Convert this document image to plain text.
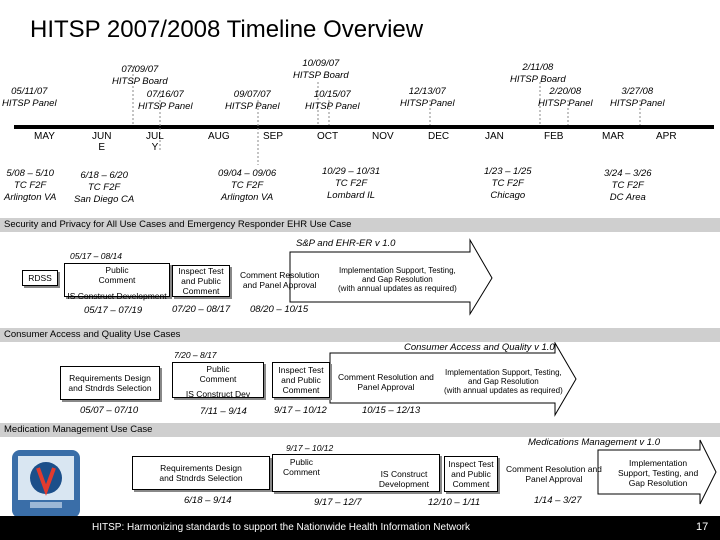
HITSP 2007/2008 Timeline Overview
05/11/07
HITSP Panel
07/09/07
HITSP Board
07/16/07
HITSP Panel
09/07/07
HITSP Panel
10/09/07
HITSP Board
10/15/07
HITSP Panel
12/13/07
HITSP Panel
2/11/08
HITSP Board
2/20/08
HITSP Panel
3/27/08
HITSP Panel
MAY	JUN
E
JUL
Y
AUG	SEP	OCT	NOV	DEC	JAN	FEB	MAR	APR
5/08 – 5/10
TC F2F
Arlington VA
6/18 – 6/20
TC F2F
San Diego CA
09/04 – 09/06
TC F2F
Arlington VA
10/29 – 10/31
TC F2F
Lombard IL
1/23 – 1/25
TC F2F
Chicago
3/24 – 3/26
TC F2F
DC Area
Security and Privacy for All Use Cases and Emergency Responder EHR Use Case
S&P and EHR-ER v 1.0
05/17 – 08/14
RDSS
Public
Comment
IS Construct Development
Inspect Test
and Public
Comment
Comment Resolution
and Panel Approval
Implementation Support, Testing,
and Gap Resolution
(with annual updates as required)
05/17 – 07/19	07/20 – 08/17 08/20 – 10/15
Consumer Access and Quality Use Cases
Consumer Access and Quality v 1.0
7/20 – 8/17
Requirements Design
and Stndrds Selection
Public
Comment
IS Construct Dev
Inspect Test
and Public
Comment
Comment Resolution and
Panel Approval
Implementation Support, Testing,
and Gap Resolution
(with annual updates as required)
05/07 – 07/10	7/11 – 9/14	9/17 – 10/12	10/15 – 12/13
Medication Management Use Case
Medications Management v 1.0
9/17 – 10/12
Requirements Design
and Stndrds Selection
Public
Comment	IS Construct
Development
Inspect Test
and Public
Comment
Comment Resolution and
Panel Approval
Implementation
Support, Testing, and
Gap Resolution
6/18 – 9/14	9/17 – 12/7	12/10 – 1/11	1/14 – 3/27
HITSP: Harmonizing standards to support the Nationwide Health Information Network	17
